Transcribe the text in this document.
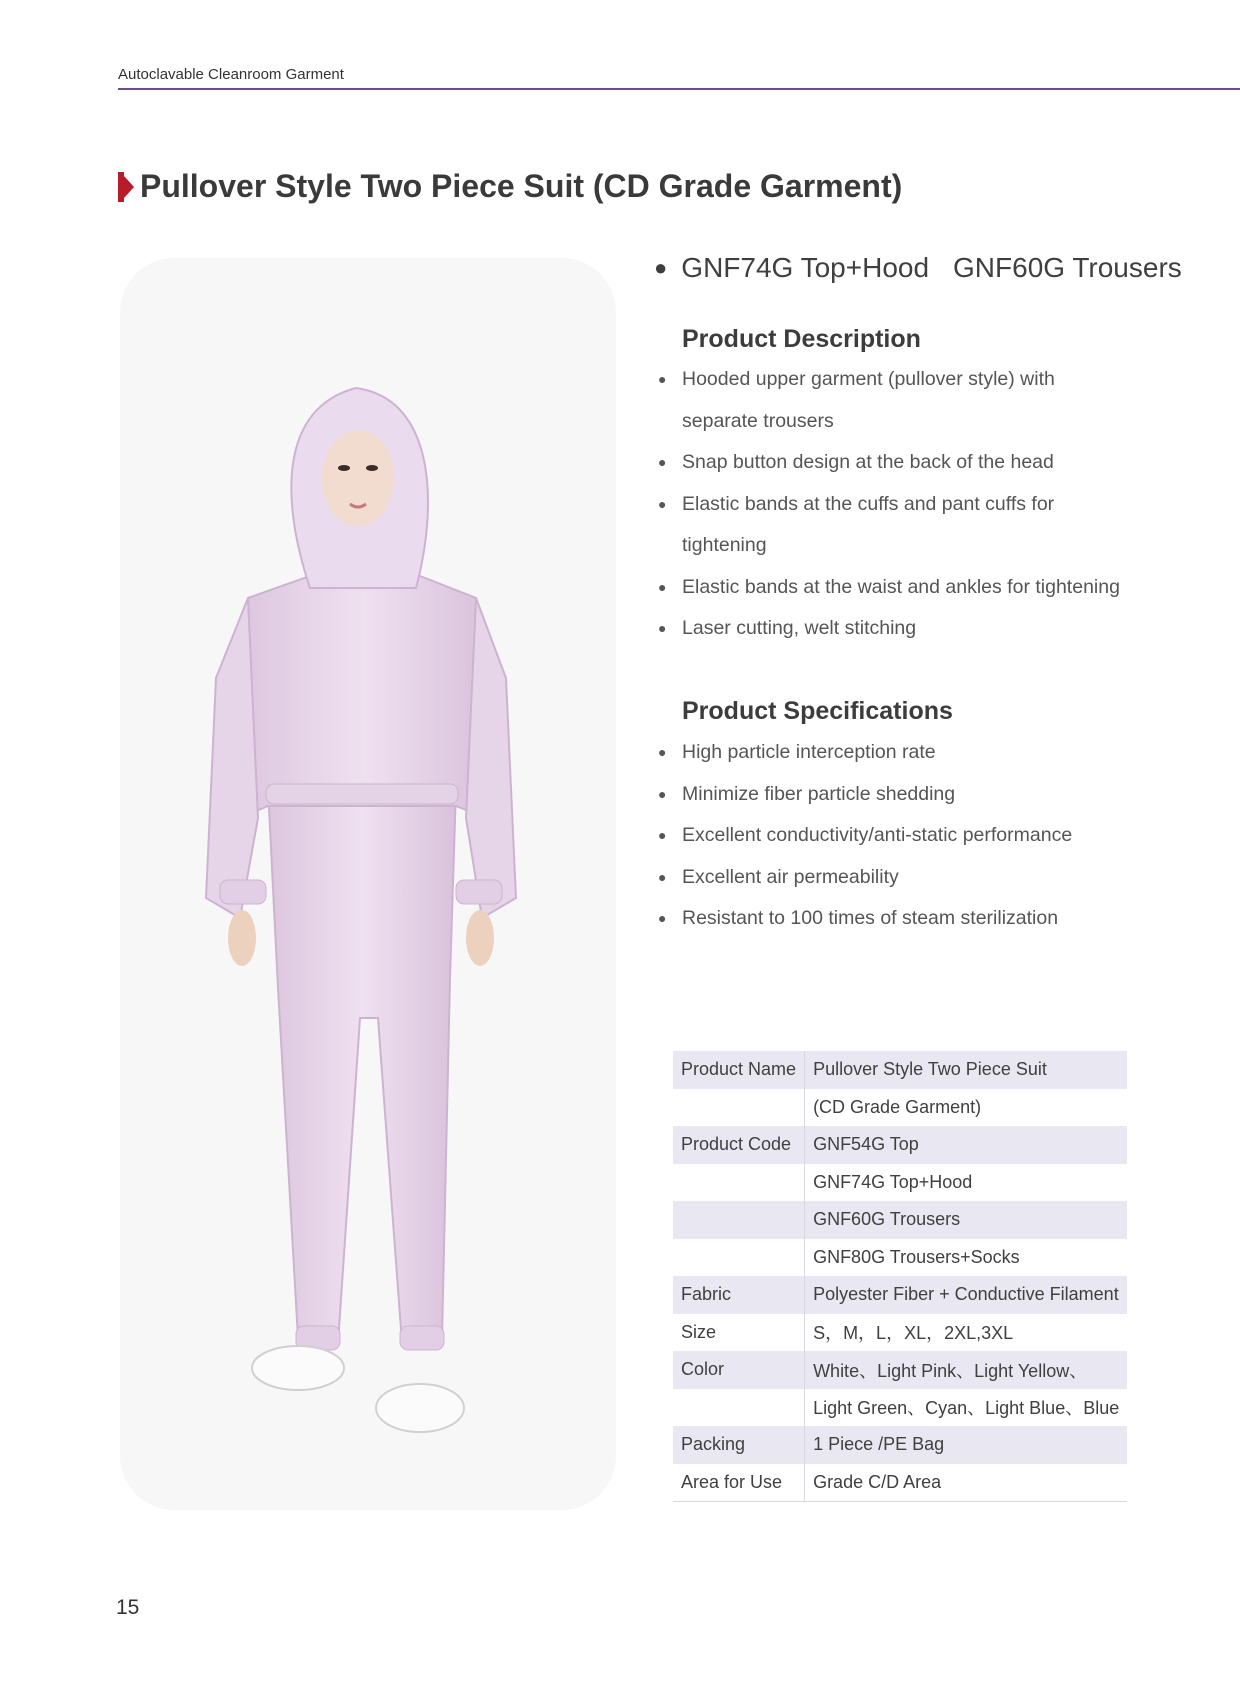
Autoclavable Cleanroom Garment
Pullover Style Two Piece Suit (CD Grade Garment)
● GNF74G Top+Hood GNF60G Trousers
Product Description
● Hooded upper garment (pullover style) with
separate trousers
● Snap button design at the back of the head
● Elastic bands at the cuffs and pant cuffs for
tightening
● Elastic bands at the waist and ankles for tightening
● Laser cutting, welt stitching
Product Specifications
● High particle interception rate
● Minimize fiber particle shedding
● Excellent conductivity/anti-static performance
● Excellent air permeability
● Resistant to 100 times of steam sterilization
Product Name	Pullover Style Two Piece Suit
	(CD Grade Garment)
Product Code	GNF54G Top
	GNF74G Top+Hood
	GNF60G Trousers
	GNF80G Trousers+Socks
Fabric	Polyester Fiber + Conductive Filament
Size	S，M，L，XL，2XL,3XL
Color	White、Light Pink、Light Yellow、
	Light Green、Cyan、Light Blue、Blue
Packing	1 Piece /PE Bag
Area for Use	Grade C/D Area
15
